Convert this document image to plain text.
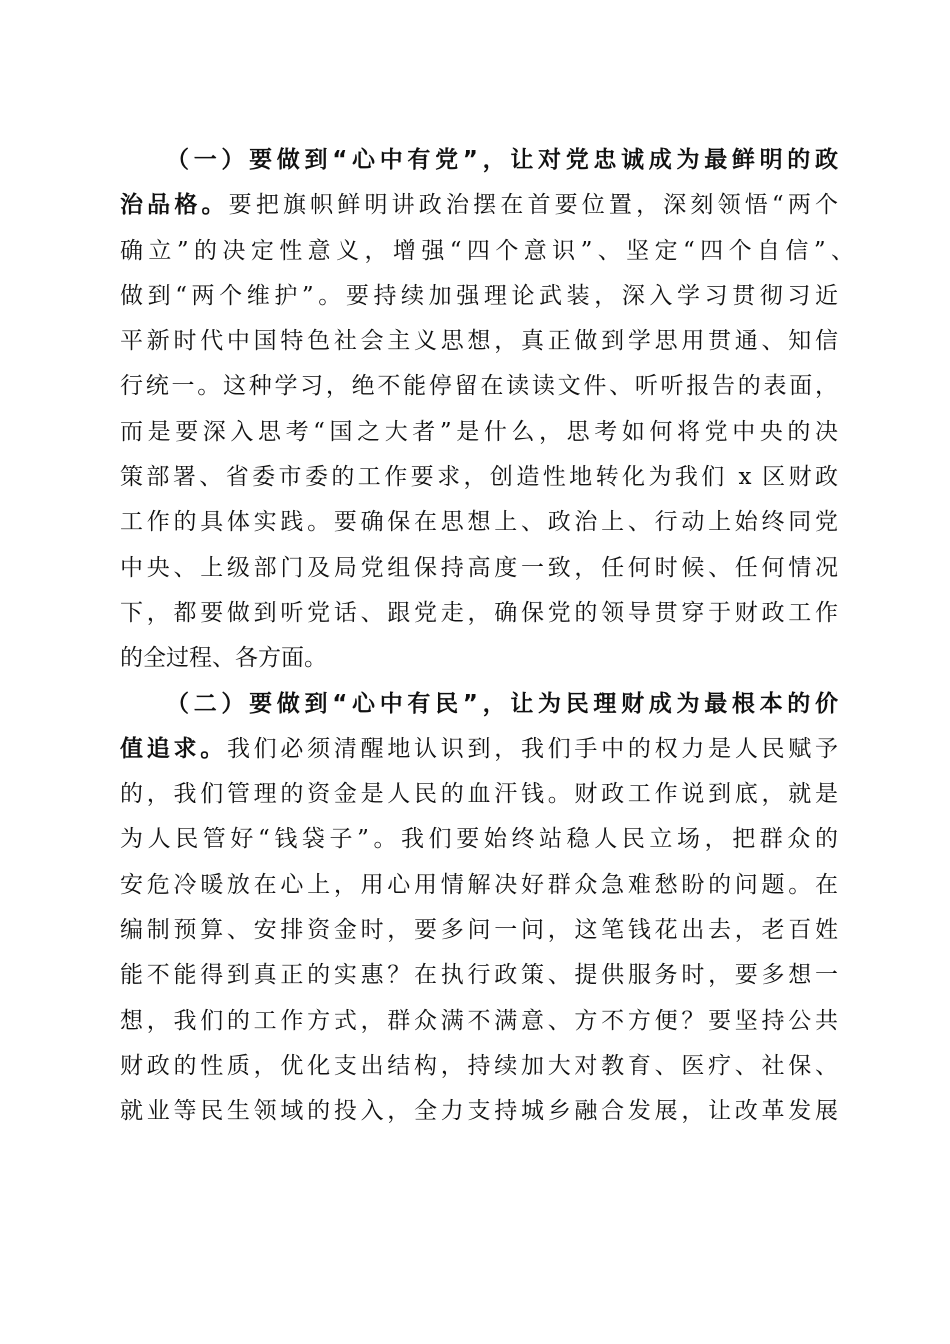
（一）要做到“心中有党”，让对党忠诚成为最鲜明的政
治品格。要把旗帜鲜明讲政治摆在首要位置，深刻领悟“两个
确立”的决定性意义，增强“四个意识”、坚定“四个自信”、
做到“两个维护”。要持续加强理论武装，深入学习贯彻习近
平新时代中国特色社会主义思想，真正做到学思用贯通、知信
行统一。这种学习，绝不能停留在读读文件、听听报告的表面，
而是要深入思考“国之大者”是什么，思考如何将党中央的决
策部署、省委市委的工作要求，创造性地转化为我们 x 区财政
工作的具体实践。要确保在思想上、政治上、行动上始终同党
中央、上级部门及局党组保持高度一致，任何时候、任何情况
下，都要做到听党话、跟党走，确保党的领导贯穿于财政工作
的全过程、各方面。
（二）要做到“心中有民”，让为民理财成为最根本的价
值追求。我们必须清醒地认识到，我们手中的权力是人民赋予
的，我们管理的资金是人民的血汗钱。财政工作说到底，就是
为人民管好“钱袋子”。我们要始终站稳人民立场，把群众的
安危冷暖放在心上，用心用情解决好群众急难愁盼的问题。在
编制预算、安排资金时，要多问一问，这笔钱花出去，老百姓
能不能得到真正的实惠？在执行政策、提供服务时，要多想一
想，我们的工作方式，群众满不满意、方不方便？要坚持公共
财政的性质，优化支出结构，持续加大对教育、医疗、社保、
就业等民生领域的投入，全力支持城乡融合发展，让改革发展
